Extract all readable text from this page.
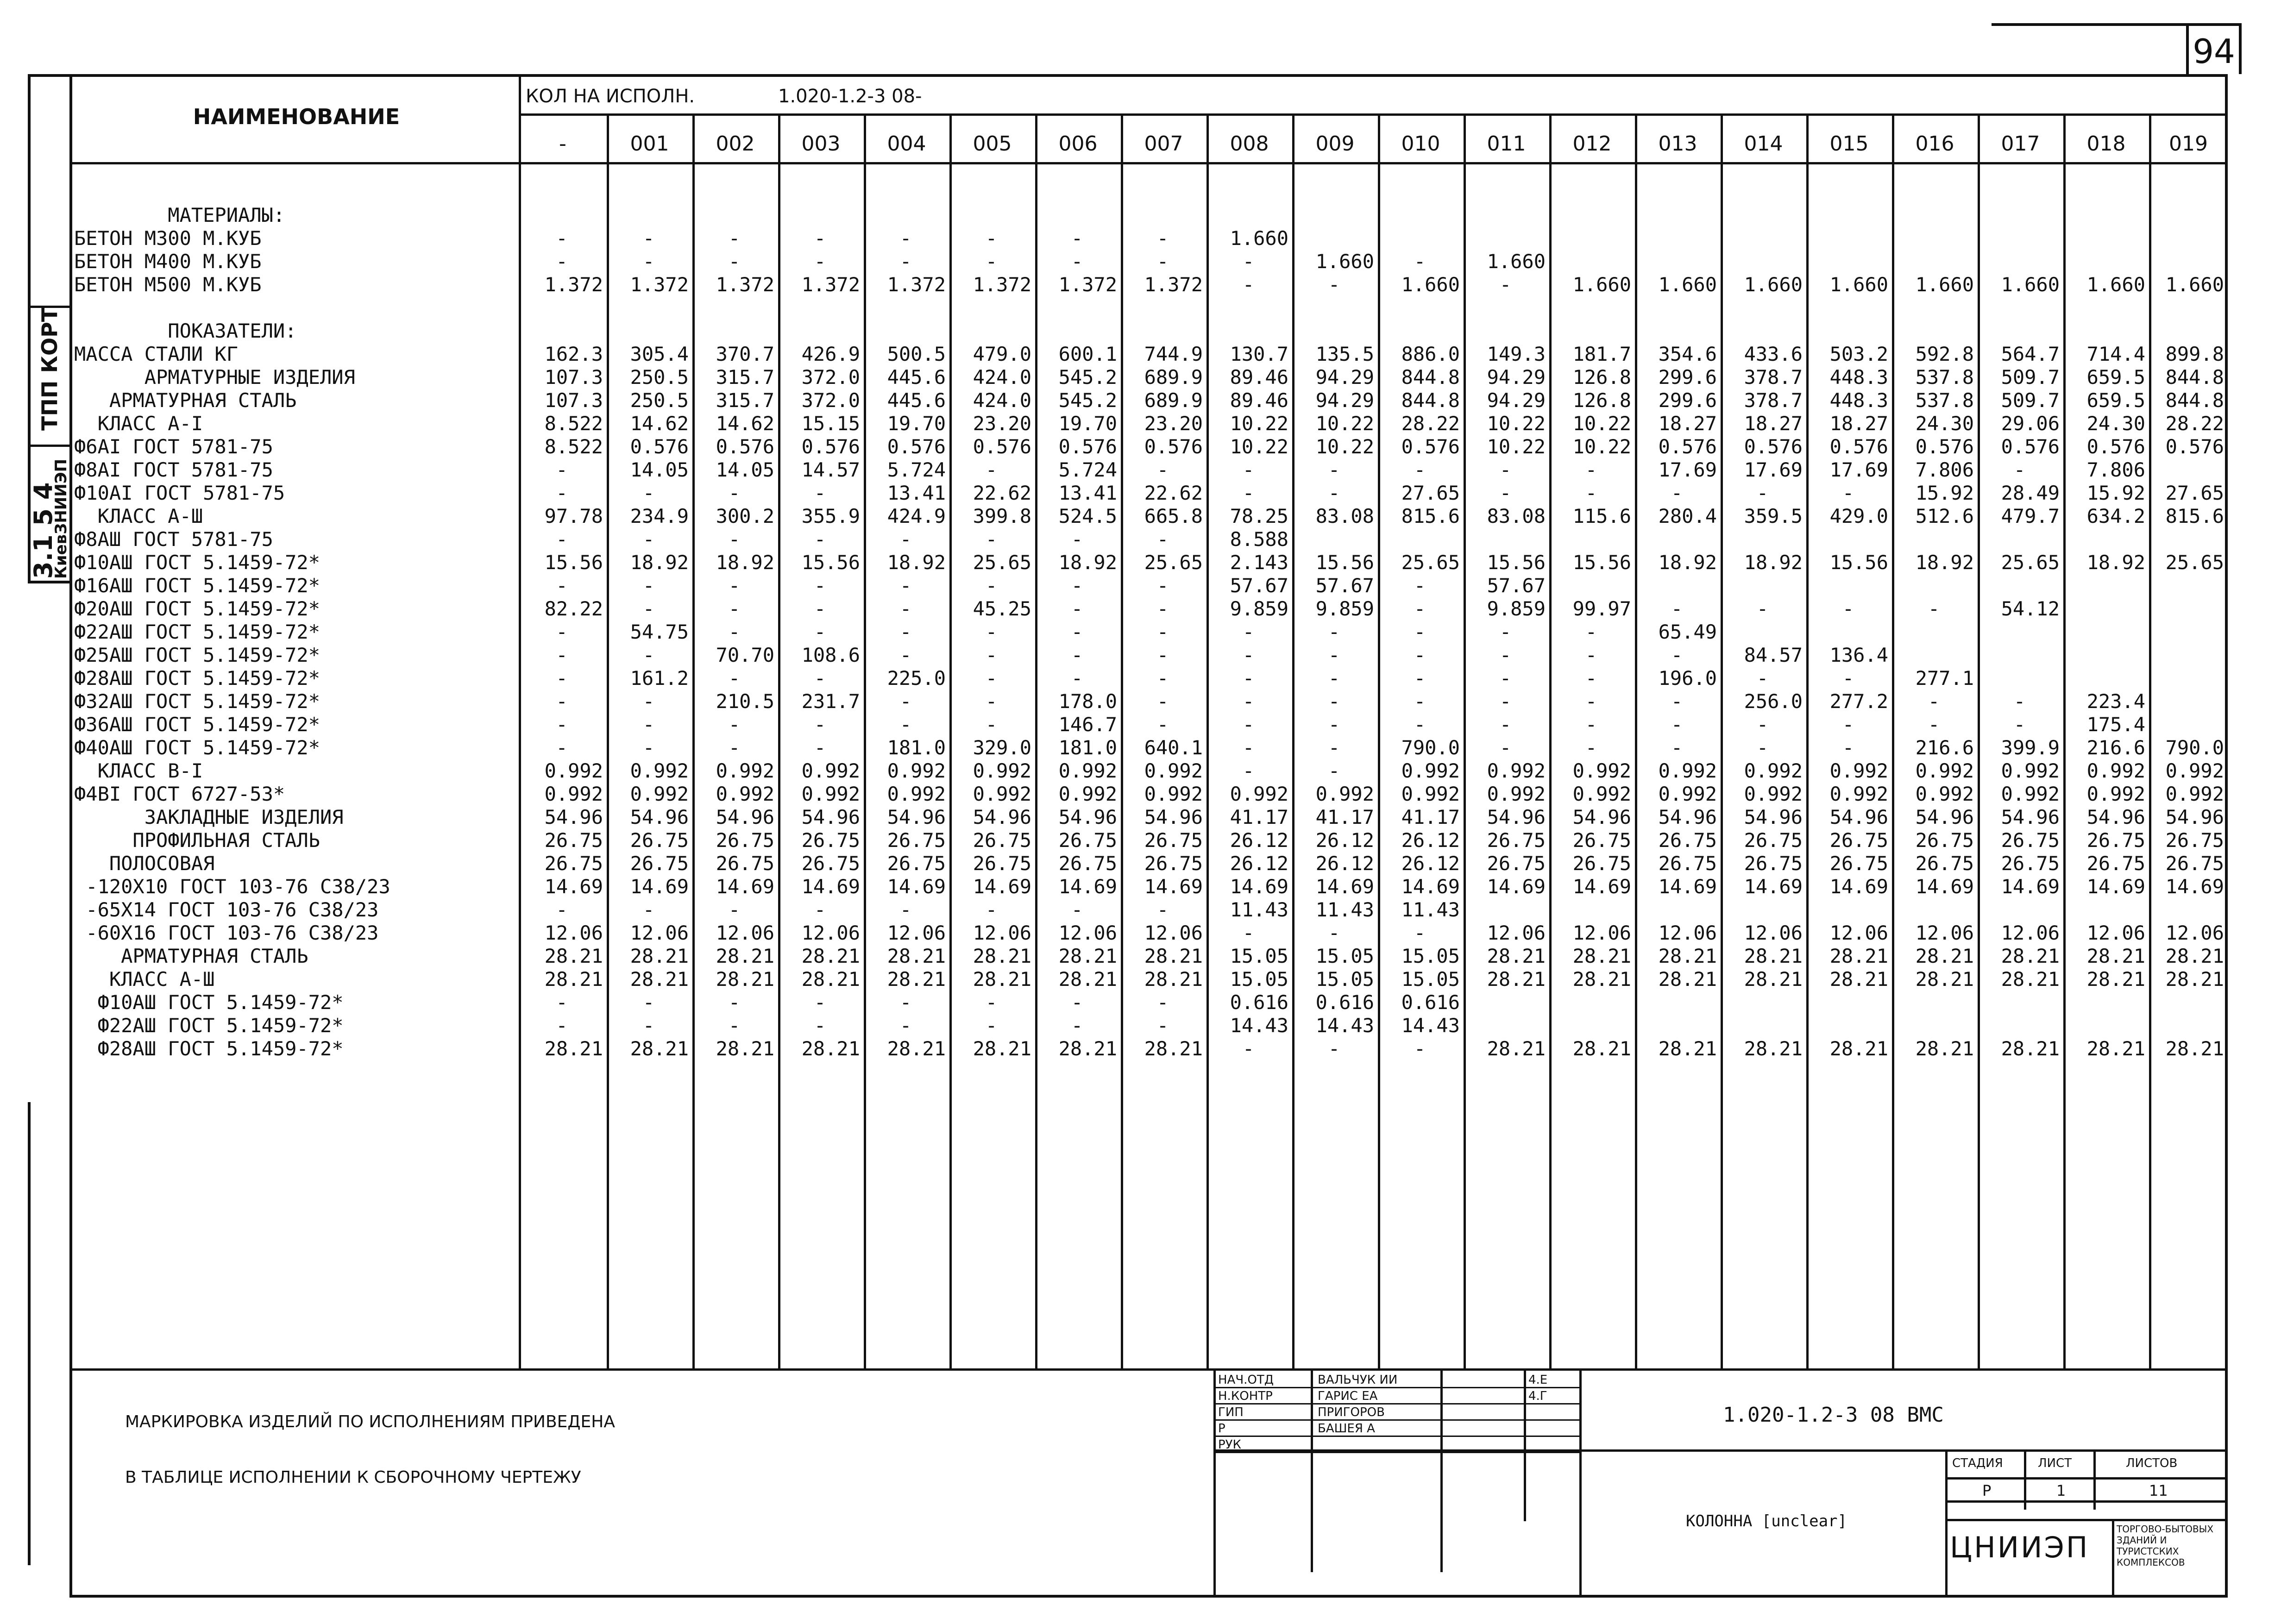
94
ТПП КОРТ
КиевЗНИИЭП
3.1 5 4
НАИМЕНОВАНИЕ
КОЛ НА ИСПОЛН.	1.020-1.2-3 08-
-	001	002	003	004	005	006	007	008	009	010	011	012	013	014	015	016	017	018	019
МАТЕРИАЛЫ:
БЕТОН М300 М.КУБ	-	-	-	-	-	-	-	-	1.660
БЕТОН М400 М.КУБ	-	-	-	-	-	-	-	-	-	1.660	-	1.660
БЕТОН М500 М.КУБ	1.372	1.372	1.372	1.372	1.372	1.372	1.372	1.372	-	-	1.660	-	1.660	1.660	1.660	1.660	1.660	1.660	1.660	1.660
ПОКАЗАТЕЛИ:
МАССА СТАЛИ КГ	162.3	305.4	370.7	426.9	500.5	479.0	600.1	744.9	130.7	135.5	886.0	149.3	181.7	354.6	433.6	503.2	592.8	564.7	714.4	899.8
АРМАТУРНЫЕ ИЗДЕЛИЯ	107.3	250.5	315.7	372.0	445.6	424.0	545.2	689.9	89.46	94.29	844.8	94.29	126.8	299.6	378.7	448.3	537.8	509.7	659.5	844.8
АРМАТУРНАЯ СТАЛЬ	107.3	250.5	315.7	372.0	445.6	424.0	545.2	689.9	89.46	94.29	844.8	94.29	126.8	299.6	378.7	448.3	537.8	509.7	659.5	844.8
КЛАСС А-I	8.522	14.62	14.62	15.15	19.70	23.20	19.70	23.20	10.22	10.22	28.22	10.22	10.22	18.27	18.27	18.27	24.30	29.06	24.30	28.22
Ф6AI ГОСТ 5781-75	8.522	0.576	0.576	0.576	0.576	0.576	0.576	0.576	10.22	10.22	0.576	10.22	10.22	0.576	0.576	0.576	0.576	0.576	0.576	0.576
Ф8AI ГОСТ 5781-75	-	14.05	14.05	14.57	5.724	-	5.724	-	-	-	-	-	-	17.69	17.69	17.69	7.806	-	7.806
Ф10AI ГОСТ 5781-75	-	-	-	-	13.41	22.62	13.41	22.62	-	-	27.65	-	-	-	-	-	15.92	28.49	15.92	27.65
КЛАСС А-Ш	97.78	234.9	300.2	355.9	424.9	399.8	524.5	665.8	78.25	83.08	815.6	83.08	115.6	280.4	359.5	429.0	512.6	479.7	634.2	815.6
Ф8АШ ГОСТ 5781-75	-	-	-	-	-	-	-	-	8.588
Ф10АШ ГОСТ 5.1459-72*	15.56	18.92	18.92	15.56	18.92	25.65	18.92	25.65	2.143	15.56	25.65	15.56	15.56	18.92	18.92	15.56	18.92	25.65	18.92	25.65
Ф16АШ ГОСТ 5.1459-72*	-	-	-	-	-	-	-	-	57.67	57.67	-	57.67
Ф20АШ ГОСТ 5.1459-72*	82.22	-	-	-	-	45.25	-	-	9.859	9.859	-	9.859	99.97	-	-	-	-	54.12
Ф22АШ ГОСТ 5.1459-72*	-	54.75	-	-	-	-	-	-	-	-	-	-	-	65.49
Ф25АШ ГОСТ 5.1459-72*	-	-	70.70	108.6	-	-	-	-	-	-	-	-	-	-	84.57	136.4
Ф28АШ ГОСТ 5.1459-72*	-	161.2	-	-	225.0	-	-	-	-	-	-	-	-	196.0	-	-	277.1
Ф32АШ ГОСТ 5.1459-72*	-	-	210.5	231.7	-	-	178.0	-	-	-	-	-	-	-	256.0	277.2	-	-	223.4
Ф36АШ ГОСТ 5.1459-72*	-	-	-	-	-	-	146.7	-	-	-	-	-	-	-	-	-	-	-	175.4
Ф40АШ ГОСТ 5.1459-72*	-	-	-	-	181.0	329.0	181.0	640.1	-	-	790.0	-	-	-	-	-	216.6	399.9	216.6	790.0
КЛАСС В-I	0.992	0.992	0.992	0.992	0.992	0.992	0.992	0.992	-	-	0.992	0.992	0.992	0.992	0.992	0.992	0.992	0.992	0.992	0.992
Ф4BI ГОСТ 6727-53*	0.992	0.992	0.992	0.992	0.992	0.992	0.992	0.992	0.992	0.992	0.992	0.992	0.992	0.992	0.992	0.992	0.992	0.992	0.992	0.992
ЗАКЛАДНЫЕ ИЗДЕЛИЯ	54.96	54.96	54.96	54.96	54.96	54.96	54.96	54.96	41.17	41.17	41.17	54.96	54.96	54.96	54.96	54.96	54.96	54.96	54.96	54.96
ПРОФИЛЬНАЯ СТАЛЬ	26.75	26.75	26.75	26.75	26.75	26.75	26.75	26.75	26.12	26.12	26.12	26.75	26.75	26.75	26.75	26.75	26.75	26.75	26.75	26.75
ПОЛОСОВАЯ	26.75	26.75	26.75	26.75	26.75	26.75	26.75	26.75	26.12	26.12	26.12	26.75	26.75	26.75	26.75	26.75	26.75	26.75	26.75	26.75
-120X10 ГОСТ 103-76 С38/23	14.69	14.69	14.69	14.69	14.69	14.69	14.69	14.69	14.69	14.69	14.69	14.69	14.69	14.69	14.69	14.69	14.69	14.69	14.69	14.69
-65X14 ГОСТ 103-76 С38/23	-	-	-	-	-	-	-	-	11.43	11.43	11.43
-60X16 ГОСТ 103-76 С38/23	12.06	12.06	12.06	12.06	12.06	12.06	12.06	12.06	-	-	-	12.06	12.06	12.06	12.06	12.06	12.06	12.06	12.06	12.06
АРМАТУРНАЯ СТАЛЬ	28.21	28.21	28.21	28.21	28.21	28.21	28.21	28.21	15.05	15.05	15.05	28.21	28.21	28.21	28.21	28.21	28.21	28.21	28.21	28.21
КЛАСС А-Ш	28.21	28.21	28.21	28.21	28.21	28.21	28.21	28.21	15.05	15.05	15.05	28.21	28.21	28.21	28.21	28.21	28.21	28.21	28.21	28.21
Ф10АШ ГОСТ 5.1459-72*	-	-	-	-	-	-	-	-	0.616	0.616	0.616
Ф22АШ ГОСТ 5.1459-72*	-	-	-	-	-	-	-	-	14.43	14.43	14.43
Ф28АШ ГОСТ 5.1459-72*	28.21	28.21	28.21	28.21	28.21	28.21	28.21	28.21	-	-	-	28.21	28.21	28.21	28.21	28.21	28.21	28.21	28.21	28.21
МАРКИРОВКА ИЗДЕЛИЙ ПО ИСПОЛНЕНИЯМ ПРИВЕДЕНА
В ТАБЛИЦЕ ИСПОЛНЕНИИ К СБОРОЧНОМУ ЧЕРТЕЖУ
НАЧ.ОТД	ВАЛЬЧУК ИИ	4.Е
Н.КОНТР	ГАРИС ЕА	4.Г
ГИП	ПРИГОРОВ
Р	БАШЕЯ А
РУК
1.020-1.2-3 08 ВМС
КОЛОННА [unclear]
СТАДИЯ	ЛИСТ	ЛИСТОВ
Р	1	11
ЦНИИЭП
ТОРГОВО-БЫТОВЫХ ЗДАНИЙ И ТУРИСТСКИХ КОМПЛЕКСОВ
